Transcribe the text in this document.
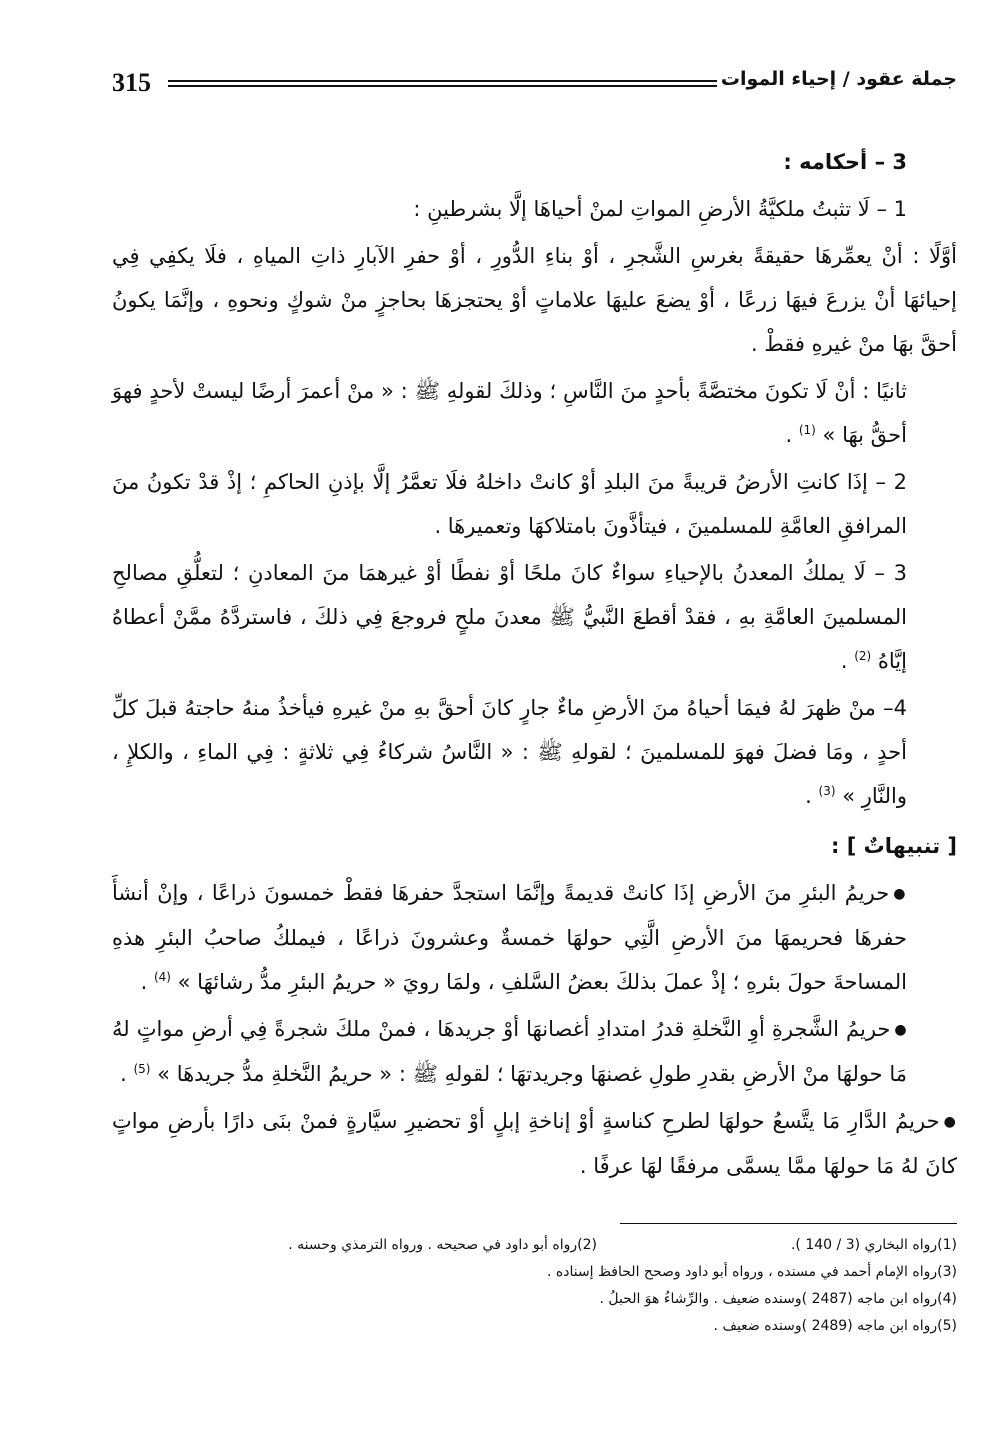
315	جملة عقود / إحياء الموات
3 – أحكامه :
1 – لَا تثبتُ ملكيَّةُ الأرضِ المواتِ لمنْ أحياهَا إلَّا بشرطينِ :
أوَّلًا : أنْ يعمِّرهَا حقيقةً بغرسِ الشَّجرِ ، أوْ بناءِ الدُّورِ ، أوْ حفرِ الآبارِ ذاتِ المياهِ ، فلَا يكفِي فِي إحيائهَا أنْ يزرعَ فيهَا زرعًا ، أوْ يضعَ عليهَا علاماتٍ أوْ يحتجزهَا بحاجزٍ منْ شوكٍ ونحوهِ ، وإنَّمَا يكونُ أحقَّ بهَا منْ غيرهِ فقطْ .
ثانيًا : أنْ لَا تكونَ مختصَّةً بأحدٍ منَ النَّاسِ ؛ وذلكَ لقولهِ ﷺ : « منْ أعمرَ أرضًا ليستْ لأحدٍ فهوَ أحقُّ بهَا » $^{(1)}$ .
2 – إذَا كانتِ الأرضُ قريبةً منَ البلدِ أوْ كانتْ داخلهُ فلَا تعمَّرُ إلَّا بإذنِ الحاكمِ ؛ إذْ قدْ تكونُ منَ المرافقِ العامَّةِ للمسلمينَ ، فيتأذَّونَ بامتلاكهَا وتعميرهَا .
3 – لَا يملكُ المعدنُ بالإحياءِ سواءٌ كانَ ملحًا أوْ نفطًا أوْ غيرهمَا منَ المعادنِ ؛ لتعلُّقِ مصالحِ المسلمينَ العامَّةِ بهِ ، فقدْ أقطعَ النَّبيُّ ﷺ معدنَ ملحٍ فروجعَ فِي ذلكَ ، فاستردَّهُ ممَّنْ أعطاهُ إيَّاهُ $^{(2)}$ .
4– منْ ظهرَ لهُ فيمَا أحياهُ منَ الأرضِ ماءٌ جارٍ كانَ أحقَّ بهِ منْ غيرهِ فيأخذُ منهُ حاجتهُ قبلَ كلِّ أحدٍ ، ومَا فضلَ فهوَ للمسلمينَ ؛ لقولهِ ﷺ : « النَّاسُ شركاءُ فِي ثلاثةٍ : فِي الماءِ ، والكلإِ ، والنَّارِ » $^{(3)}$ .
[ تنبيهاتٌ ] :
●حريمُ البئرِ منَ الأرضِ إذَا كانتْ قديمةً وإنَّمَا استجدَّ حفرهَا فقطْ خمسونَ ذراعًا ، وإنْ أنشأَ حفرهَا فحريمهَا منَ الأرضِ الَّتِي حولهَا خمسةٌ وعشرونَ ذراعًا ، فيملكُ صاحبُ البئرِ هذهِ المساحةَ حولَ بئرهِ ؛ إذْ عملَ بذلكَ بعضُ السَّلفِ ، ولمَا رويَ « حريمُ البئرِ مدُّ رشائهَا » $^{(4)}$ .
●حريمُ الشَّجرةِ أوِ النَّخلةِ قدرُ امتدادِ أغصانهَا أوْ جريدهَا ، فمنْ ملكَ شجرةً فِي أرضِ مواتٍ لهُ مَا حولهَا منْ الأرضِ بقدرِ طولِ غصنهَا وجريدتهَا ؛ لقولهِ ﷺ : « حريمُ النَّخلةِ مدُّ جريدهَا » $^{(5)}$ .
●حريمُ الدَّارِ مَا يتَّسعُ حولهَا لطرحِ كناسةٍ أوْ إناخةِ إبلٍ أوْ تحضيرِ سيَّارةٍ فمنْ بنَى دارًا بأرضِ مواتٍ كانَ لهُ مَا حولهَا ممَّا يسمَّى مرفقًا لهَا عرفًا .
(1)رواه البخاري (3 / 140 ).
(2)رواه أبو داود في صحيحه . ورواه الترمذي وحسنه .
(3)رواه الإمام أحمد في مسنده ، ورواه أبو داود وصحح الحافظ إسناده .
(4)رواه ابن ماجه (2487 )وسنده ضعيف . والرِّشاءُ هوَ الحبلُ .
(5)رواه ابن ماجه (2489 )وسنده ضعيف .
